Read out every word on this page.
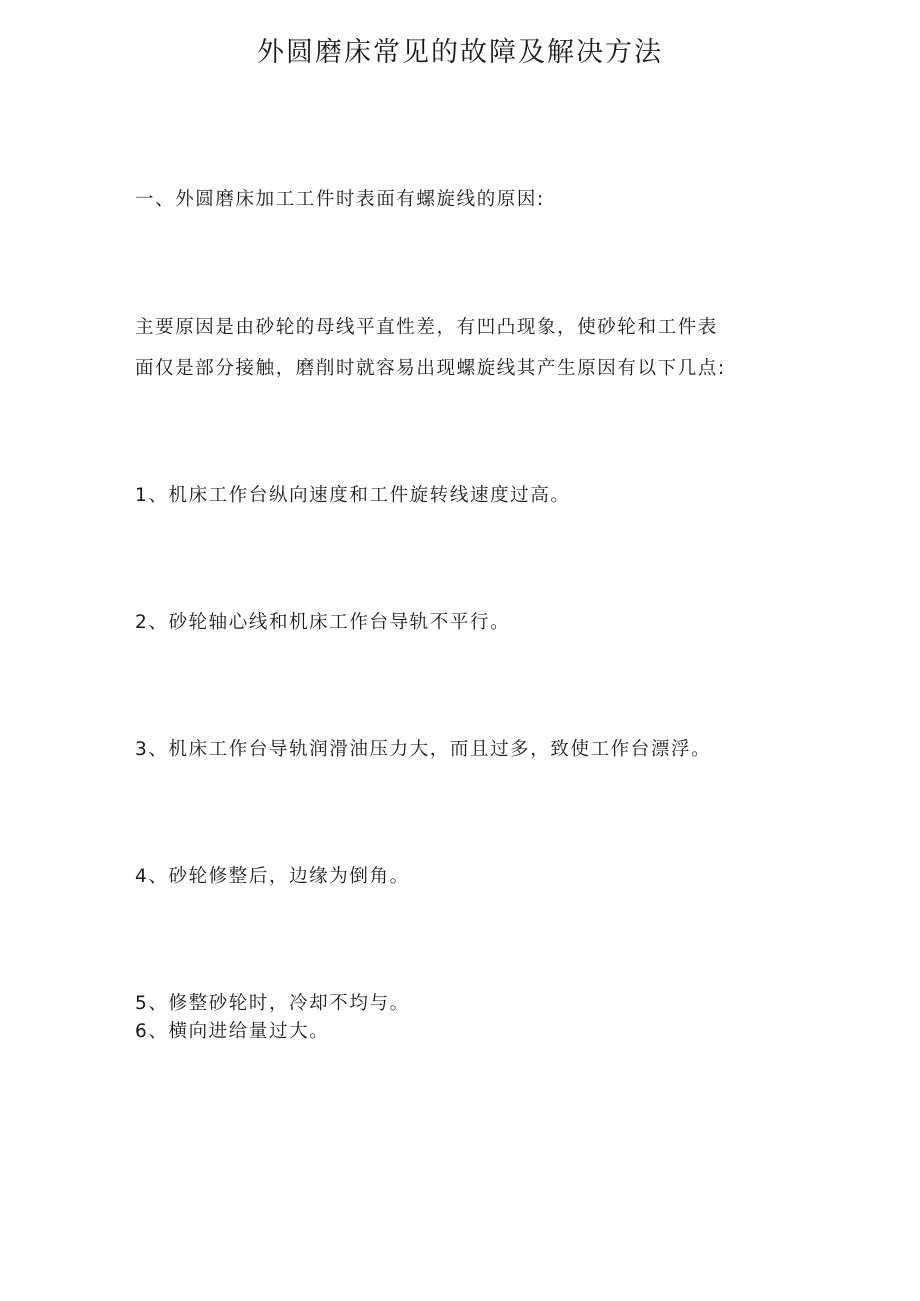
外圆磨床常见的故障及解决方法
一、外圆磨床加工工件时表面有螺旋线的原因:
主要原因是由砂轮的母线平直性差，有凹凸现象，使砂轮和工件表
面仅是部分接触，磨削时就容易出现螺旋线其产生原因有以下几点:
1、机床工作台纵向速度和工件旋转线速度过高。
2、砂轮轴心线和机床工作台导轨不平行。
3、机床工作台导轨润滑油压力大，而且过多，致使工作台漂浮。
4、砂轮修整后，边缘为倒角。
5、修整砂轮时，冷却不均与。
6、横向进给量过大。
